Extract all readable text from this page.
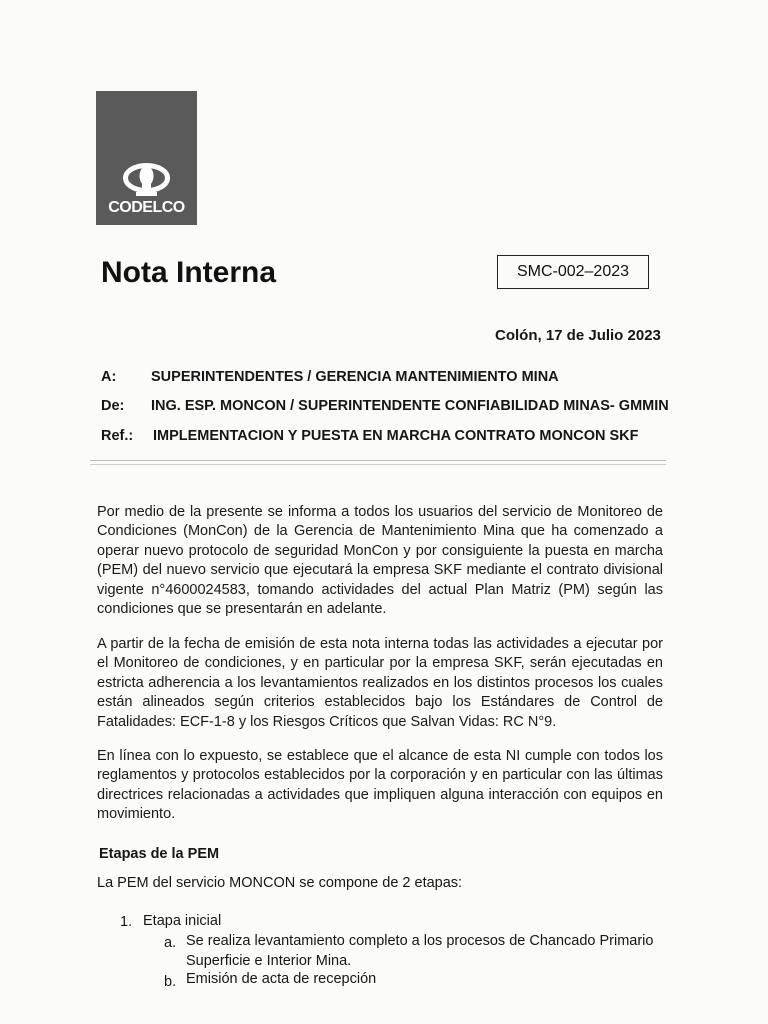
CODELCO
Nota Interna	SMC-002–2023
Colón, 17 de Julio 2023
A: SUPERINTENDENTES / GERENCIA MANTENIMIENTO MINA
De: ING. ESP. MONCON / SUPERINTENDENTE CONFIABILIDAD MINAS- GMMIN
Ref.: IMPLEMENTACION Y PUESTA EN MARCHA CONTRATO MONCON SKF
Por medio de la presente se informa a todos los usuarios del servicio de Monitoreo de Condiciones (MonCon) de la Gerencia de Mantenimiento Mina que ha comenzado a operar nuevo protocolo de seguridad MonCon y por consiguiente la puesta en marcha (PEM) del nuevo servicio que ejecutará la empresa SKF mediante el contrato divisional vigente n°4600024583, tomando actividades del actual Plan Matriz (PM) según las condiciones que se presentarán en adelante.
A partir de la fecha de emisión de esta nota interna todas las actividades a ejecutar por el Monitoreo de condiciones, y en particular por la empresa SKF, serán ejecutadas en estricta adherencia a los levantamientos realizados en los distintos procesos los cuales están alineados según criterios establecidos bajo los Estándares de Control de Fatalidades: ECF-1-8 y los Riesgos Críticos que Salvan Vidas: RC N°9.
En línea con lo expuesto, se establece que el alcance de esta NI cumple con todos los reglamentos y protocolos establecidos por la corporación y en particular con las últimas directrices relacionadas a actividades que impliquen alguna interacción con equipos en movimiento.
Etapas de la PEM
La PEM del servicio MONCON se compone de 2 etapas:
1. Etapa inicial
a. Se realiza levantamiento completo a los procesos de Chancado Primario
Superficie e Interior Mina.
b. Emisión de acta de recepción
